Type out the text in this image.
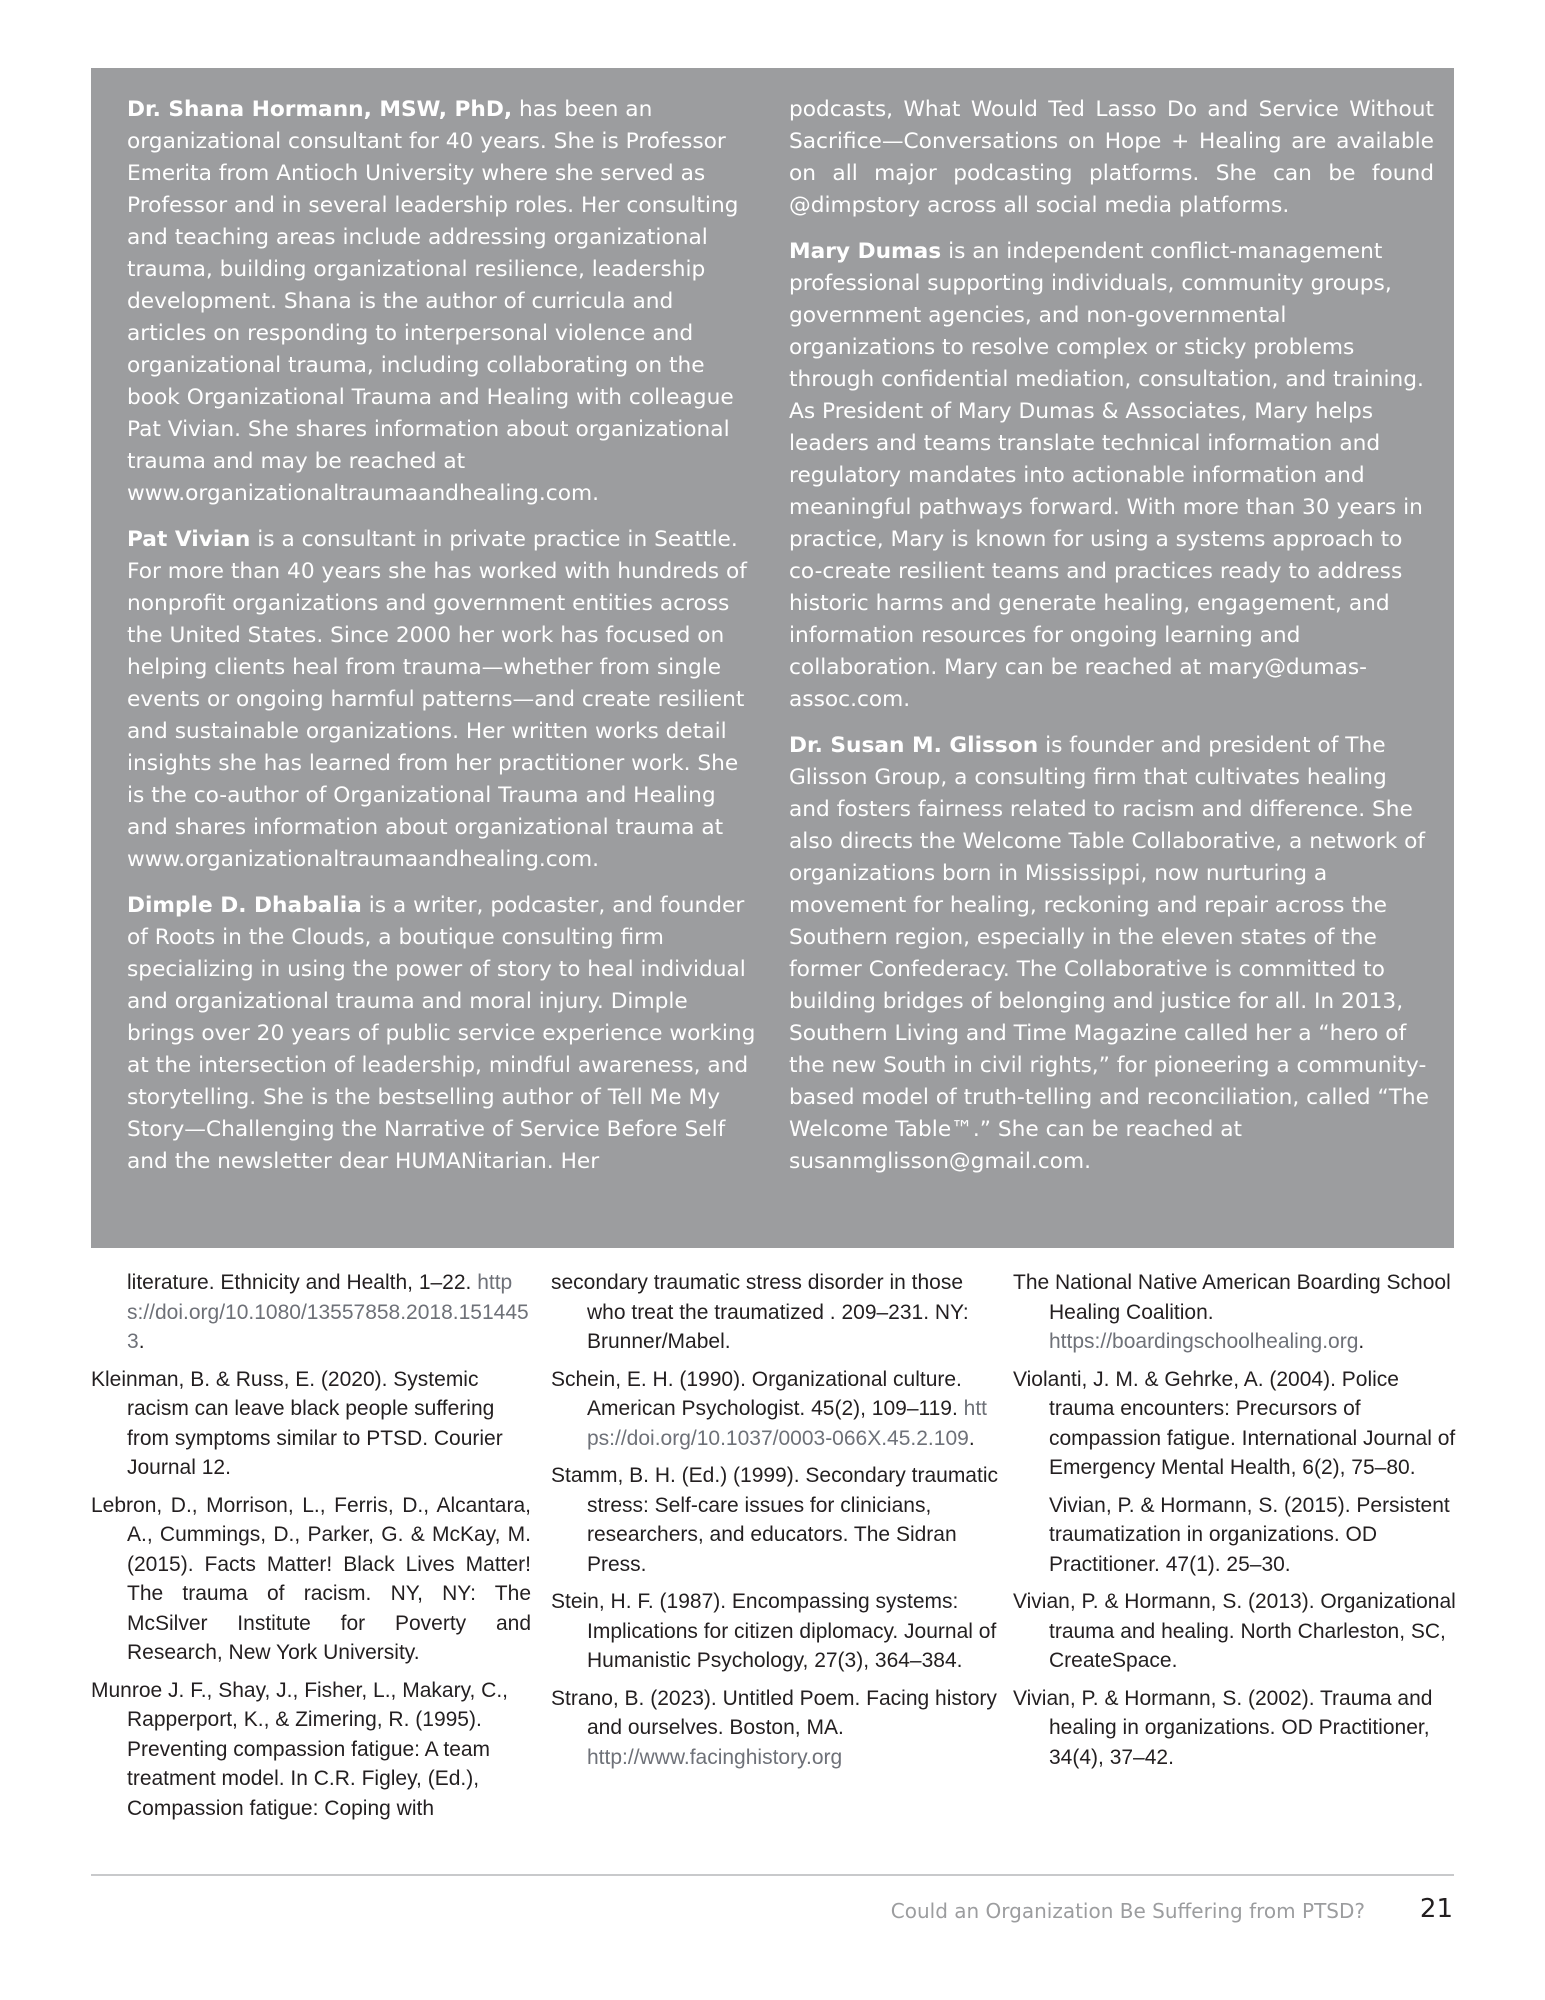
Dr. Shana Hormann, MSW, PhD, has been an organizational consultant for 40 years. She is Professor Emerita from Antioch University where she served as Professor and in several leadership roles. Her consulting and teaching areas include addressing organizational trauma, building organizational resilience, leadership development. Shana is the author of curricula and articles on responding to interpersonal violence and organizational trauma, including collaborating on the book Organizational Trauma and Healing with colleague Pat Vivian. She shares information about organizational trauma and may be reached at www.organizationaltraumaandhealing.com.

Pat Vivian is a consultant in private practice in Seattle. For more than 40 years she has worked with hundreds of nonprofit organizations and government entities across the United States. Since 2000 her work has focused on helping clients heal from trauma—whether from single events or ongoing harmful patterns—and create resilient and sustainable organizations. Her written works detail insights she has learned from her practitioner work. She is the co-author of Organizational Trauma and Healing and shares information about organizational trauma at www.organizationaltraumaandhealing.com.

Dimple D. Dhabalia is a writer, podcaster, and founder of Roots in the Clouds, a boutique consulting firm specializing in using the power of story to heal individual and organizational trauma and moral injury. Dimple brings over 20 years of public service experience working at the intersection of leadership, mindful awareness, and storytelling. She is the bestselling author of Tell Me My Story—Challenging the Narrative of Service Before Self and the newsletter dear HUMANitarian. Her

podcasts, What Would Ted Lasso Do and Service Without Sacrifice—Conversations on Hope + Healing are available on all major podcasting platforms. She can be found @dimpstory across all social media platforms.

Mary Dumas is an independent conflict-management professional supporting individuals, community groups, government agencies, and non-governmental organizations to resolve complex or sticky problems through confidential mediation, consultation, and training. As President of Mary Dumas & Associates, Mary helps leaders and teams translate technical information and regulatory mandates into actionable information and meaningful pathways forward. With more than 30 years in practice, Mary is known for using a systems approach to co-create resilient teams and practices ready to address historic harms and generate healing, engagement, and information resources for ongoing learning and collaboration. Mary can be reached at mary@dumas-assoc.com.

Dr. Susan M. Glisson is founder and president of The Glisson Group, a consulting firm that cultivates healing and fosters fairness related to racism and difference. She also directs the Welcome Table Collaborative, a network of organizations born in Mississippi, now nurturing a movement for healing, reckoning and repair across the Southern region, especially in the eleven states of the former Confederacy. The Collaborative is committed to building bridges of belonging and justice for all. In 2013, Southern Living and Time Magazine called her a “hero of the new South in civil rights,” for pioneering a community-based model of truth-telling and reconciliation, called “The Welcome Table™.” She can be reached at susanmglisson@gmail.com.

literature. Ethnicity and Health, 1–22. https://doi.org/10.1080/13557858.2018.1514453.

Kleinman, B. & Russ, E. (2020). Systemic racism can leave black people suffering from symptoms similar to PTSD. Courier Journal 12.

Lebron, D., Morrison, L., Ferris, D., Alcantara, A., Cummings, D., Parker, G. & McKay, M. (2015). Facts Matter! Black Lives Matter! The trauma of racism. NY, NY: The McSilver Institute for Poverty and Research, New York University.

Munroe J. F., Shay, J., Fisher, L., Makary, C., Rapperport, K., & Zimering, R. (1995). Preventing compassion fatigue: A team treatment model. In C.R. Figley, (Ed.), Compassion fatigue: Coping with

secondary traumatic stress disorder in those who treat the traumatized . 209–231. NY: Brunner/Mabel.

Schein, E. H. (1990). Organizational culture. American Psychologist. 45(2), 109–119. https://doi.org/10.1037/0003-066X.45.2.109.

Stamm, B. H. (Ed.) (1999). Secondary traumatic stress: Self-care issues for clinicians, researchers, and educators. The Sidran Press.

Stein, H. F. (1987). Encompassing systems: Implications for citizen diplomacy. Journal of Humanistic Psychology, 27(3), 364–384.

Strano, B. (2023). Untitled Poem. Facing history and ourselves. Boston, MA. http://www.facinghistory.org

The National Native American Boarding School Healing Coalition. https://boardingschoolhealing.org.

Violanti, J. M. & Gehrke, A. (2004). Police trauma encounters: Precursors of compassion fatigue. International Journal of Emergency Mental Health, 6(2), 75–80.

Vivian, P. & Hormann, S. (2015). Persistent traumatization in organizations. OD Practitioner. 47(1). 25–30.

Vivian, P. & Hormann, S. (2013). Organizational trauma and healing. North Charleston, SC, CreateSpace.

Vivian, P. & Hormann, S. (2002). Trauma and healing in organizations. OD Practitioner, 34(4), 37–42.

Could an Organization Be Suffering from PTSD? 21
